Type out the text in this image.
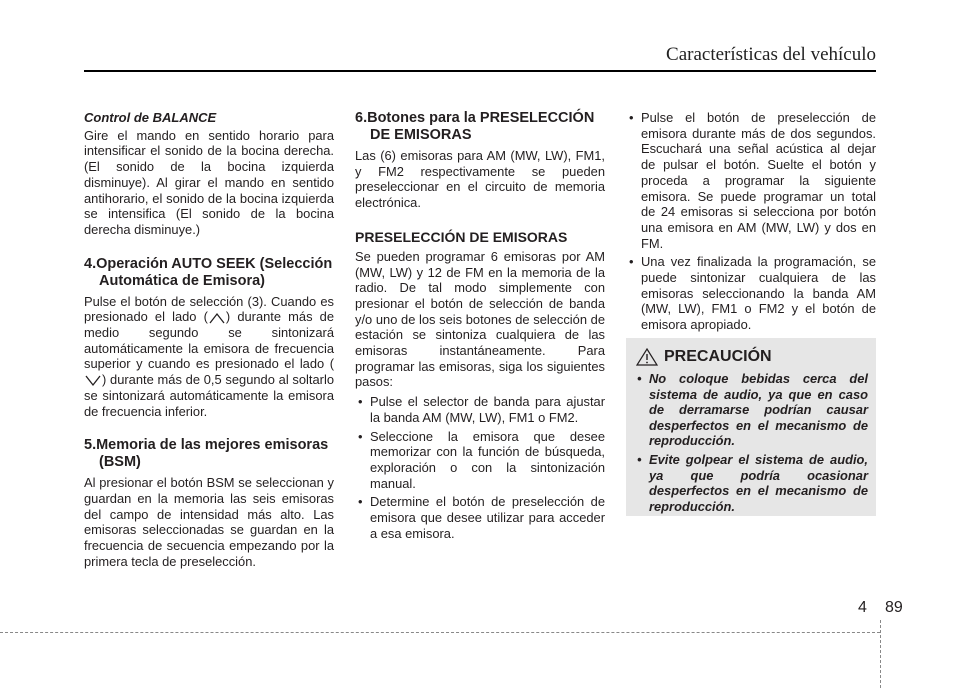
Características del vehículo

Control de BALANCE

Gire el mando en sentido horario para intensificar el sonido de la bocina derecha. (El sonido de la bocina izquierda disminuye). Al girar el mando en sentido antihorario, el sonido de la bocina izquierda se intensifica (El sonido de la bocina derecha disminuye.)

4.Operación AUTO SEEK (Selección Automática de Emisora)

Pulse el botón de selección (3). Cuando es presionado el lado ( ) durante más de medio segundo se sintonizará automáticamente la emisora de frecuencia superior y cuando es presionado el lado () durante más de 0,5 segundo al soltarlo se sintonizará automáticamente la emisora de frecuencia inferior.

5.Memoria de las mejores emisoras (BSM)

Al presionar el botón BSM se seleccionan y guardan en la memoria las seis emisoras del campo de intensidad más alto. Las emisoras seleccionadas se guardan en la frecuencia de secuencia empezando por la primera tecla de preselección.

6.Botones para la PRESELECCIÓN DE EMISORAS

Las (6) emisoras para AM (MW, LW), FM1, y FM2 respectivamente se pueden preseleccionar en el circuito de memoria electrónica.

PRESELECCIÓN DE EMISORAS

Se pueden programar 6 emisoras por AM (MW, LW) y 12 de FM en la memoria de la radio. De tal modo simplemente con presionar el botón de selección de banda y/o uno de los seis botones de selección de estación se sintoniza cualquiera de las emisoras instantáneamente. Para programar las emisoras, siga los siguientes pasos:

• Pulse el selector de banda para ajustar la banda AM (MW, LW), FM1 o FM2.
• Seleccione la emisora que desee memorizar con la función de búsqueda, exploración o con la sintonización manual.
• Determine el botón de preselección de emisora que desee utilizar para acceder a esa emisora.
• Pulse el botón de preselección de emisora durante más de dos segundos. Escuchará una señal acústica al dejar de pulsar el botón. Suelte el botón y proceda a programar la siguiente emisora. Se puede programar un total de 24 emisoras si selecciona por botón una emisora en AM (MW, LW) y dos en FM.
• Una vez finalizada la programación, se puede sintonizar cualquiera de las emisoras seleccionando la banda AM (MW, LW), FM1 o FM2 y el botón de emisora apropiado.
PRECAUCIÓN
• No coloque bebidas cerca del sistema de audio, ya que en caso de derramarse podrían causar desperfectos en el mecanismo de reproducción.
• Evite golpear el sistema de audio, ya que podría ocasionar desperfectos en el mecanismo de reproducción.
4 89
